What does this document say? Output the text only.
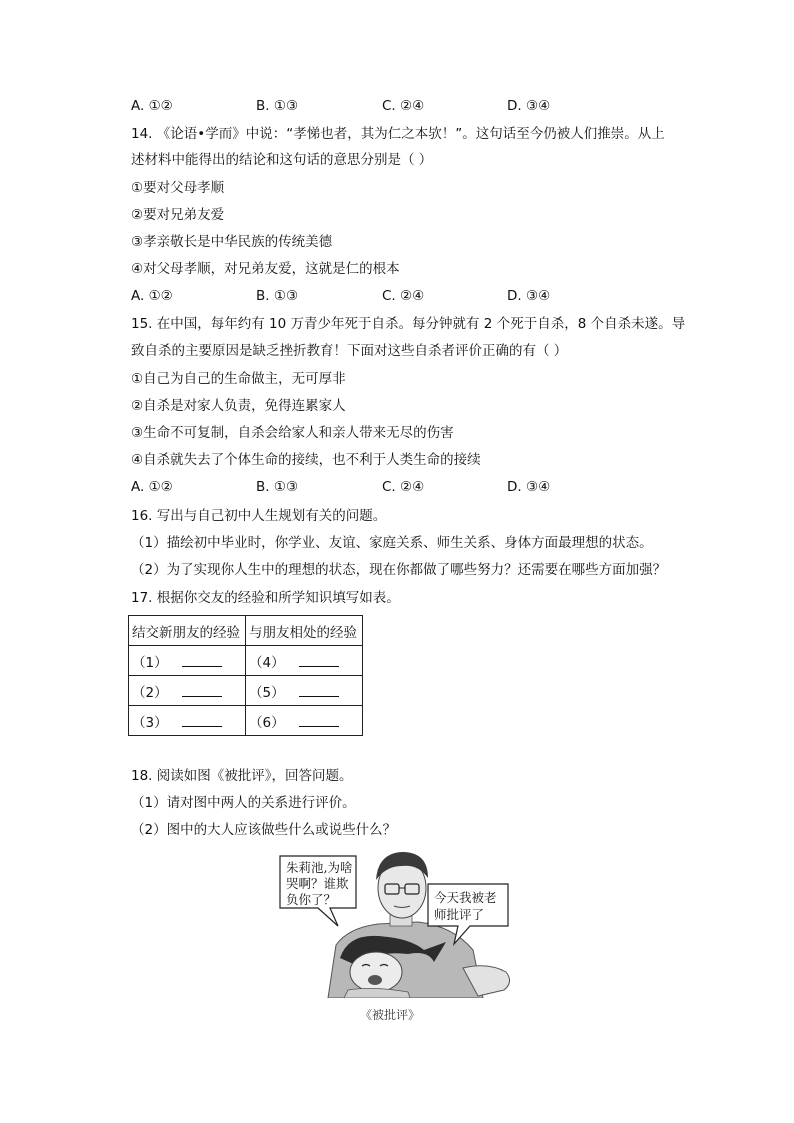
A. ①②	B. ①③	C. ②④	D. ③④
14. 《论语•学而》中说：“孝悌也者，其为仁之本欤！”。这句话至今仍被人们推崇。从上
述材料中能得出的结论和这句话的意思分别是（ ）
①要对父母孝顺
②要对兄弟友爱
③孝亲敬长是中华民族的传统美德
④对父母孝顺，对兄弟友爱，这就是仁的根本
A. ①②	B. ①③	C. ②④	D. ③④
15. 在中国，每年约有 10 万青少年死于自杀。每分钟就有 2 个死于自杀，8 个自杀未遂。导
致自杀的主要原因是缺乏挫折教育！下面对这些自杀者评价正确的有（ ）
①自己为自己的生命做主，无可厚非
②自杀是对家人负责，免得连累家人
③生命不可复制，自杀会给家人和亲人带来无尽的伤害
④自杀就失去了个体生命的接续，也不利于人类生命的接续
A. ①②	B. ①③	C. ②④	D. ③④
16. 写出与自己初中人生规划有关的问题。
（1）描绘初中毕业时，你学业、友谊、家庭关系、师生关系、身体方面最理想的状态。
（2）为了实现你人生中的理想的状态，现在你都做了哪些努力？还需要在哪些方面加强？
17. 根据你交友的经验和所学知识填写如表。
结交新朋友的经验	与朋友相处的经验
（1）	（4）
（2）	（5）
（3）	（6）
18. 阅读如图《被批评》，回答问题。
（1）请对图中两人的关系进行评价。
（2）图中的大人应该做些什么或说些什么？
朱莉池,为啥
哭啊？谁欺
负你了？	今天我被老
师批评了
《被批评》
